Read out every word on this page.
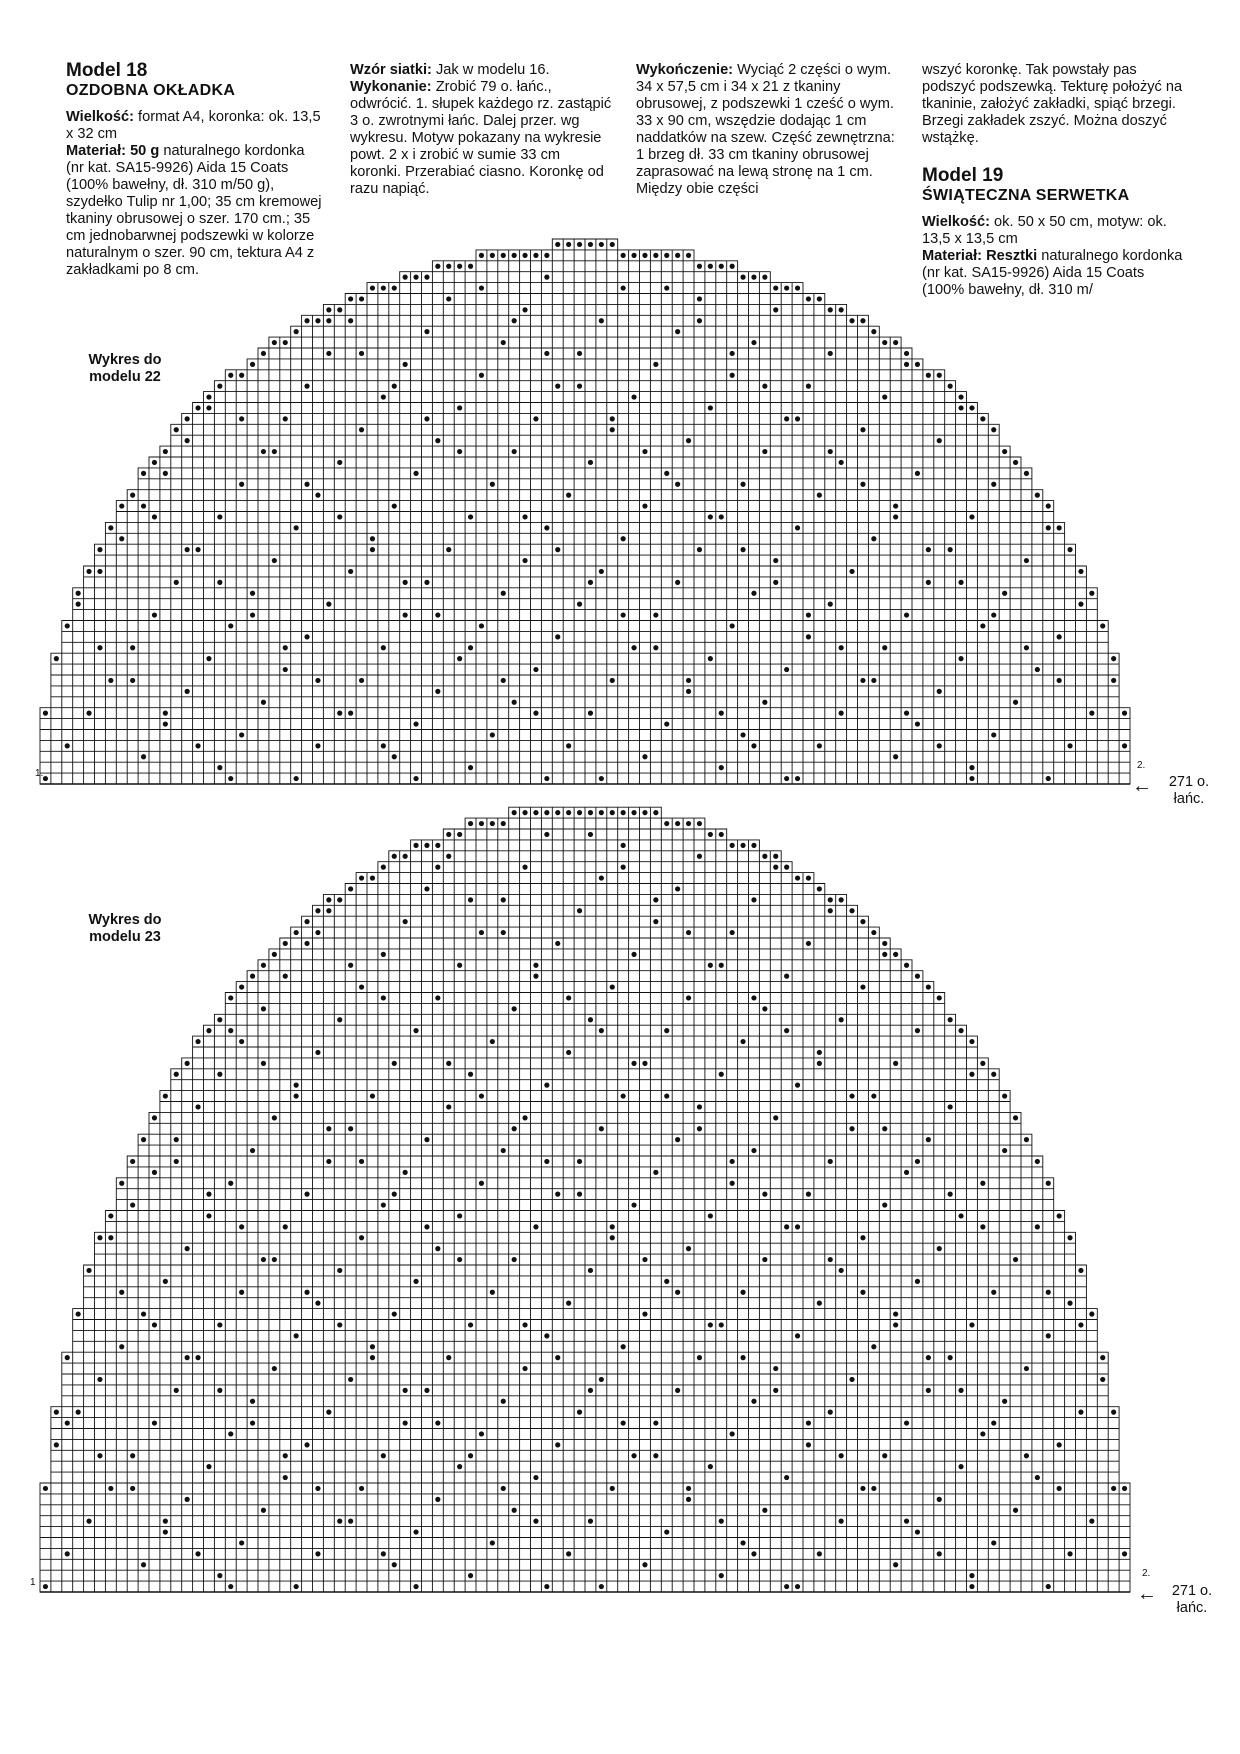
Model 18
OZDOBNA OKŁADKA

Wielkość: format A4, koronka: ok. 13,5 x 32 cm

Materiał: 50 g naturalnego kordonka (nr kat. SA15-9926) Aida 15 Coats (100% bawełny, dł. 310 m/50 g), szydełko Tulip nr 1,00; 35 cm kremowej tkaniny obrusowej o szer. 170 cm.; 35 cm jednobarwnej podszewki w kolorze naturalnym o szer. 90 cm, tektura A4 z zakładkami po 8 cm.

Wzór siatki: Jak w modelu 16.

Wykonanie: Zrobić 79 o. łańc., odwrócić. 1. słupek każdego rz. zastąpić 3 o. zwrotnymi łańc. Dalej przer. wg wykresu. Motyw pokazany na wykresie powt. 2 x i zrobić w sumie 33 cm koronki. Przerabiać ciasno. Koronkę od razu napiąć.

Wykończenie: Wyciąć 2 części o wym. 34 x 57,5 cm i 34 x 21 z tkaniny obrusowej, z podszewki 1 cześć o wym. 33 x 90 cm, wszędzie dodając 1 cm naddatków na szew. Część zewnętrzna: 1 brzeg dł. 33 cm tkaniny obrusowej zaprasować na lewą stronę na 1 cm. Między obie części

wszyć koronkę. Tak powstały pas podszyć podszewką. Tekturę położyć na tkaninie, założyć zakładki, spiąć brzegi. Brzegi zakładek zszyć. Można doszyć wstążkę.

Model 19
ŚWIĄTECZNA SERWETKA

Wielkość: ok. 50 x 50 cm, motyw: ok. 13,5 x 13,5 cm

Materiał: Resztki naturalnego kordonka (nr kat. SA15-9926) Aida 15 Coats (100% bawełny, dł. 310 m/

Wykres do modelu 22
1.
2.
←	271 o. łańc.
Wykres do modelu 23
1
2.
←	271 o. łańc.
